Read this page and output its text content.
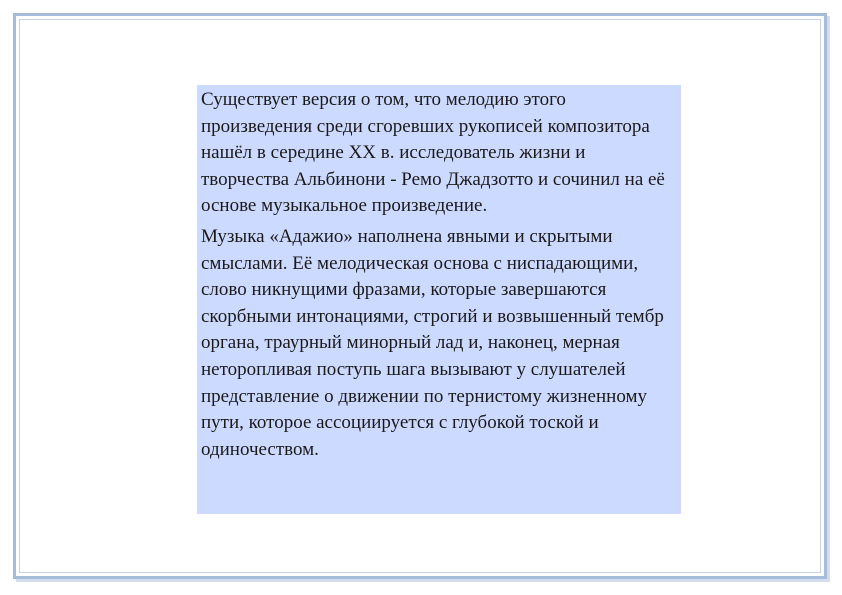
Существует версия о том, что мелодию этого произведения среди сгоревших рукописей композитора нашёл в середине XX в. исследователь жизни и творчества Альбинони - Ремо Джадзотто и сочинил на её основе музыкальное произведение.

Музыка «Адажио» наполнена явными и скрытыми смыслами. Её мелодическая основа с ниспадающими, слово никнущими фразами, которые завершаются скорбными интонациями, строгий и возвышенный тембр органа, траурный минорный лад и, наконец, мерная неторопливая поступь шага вызывают у слушателей представление о движении по тернистому жизненному пути, которое ассоциируется с глубокой тоской и одиночеством.
